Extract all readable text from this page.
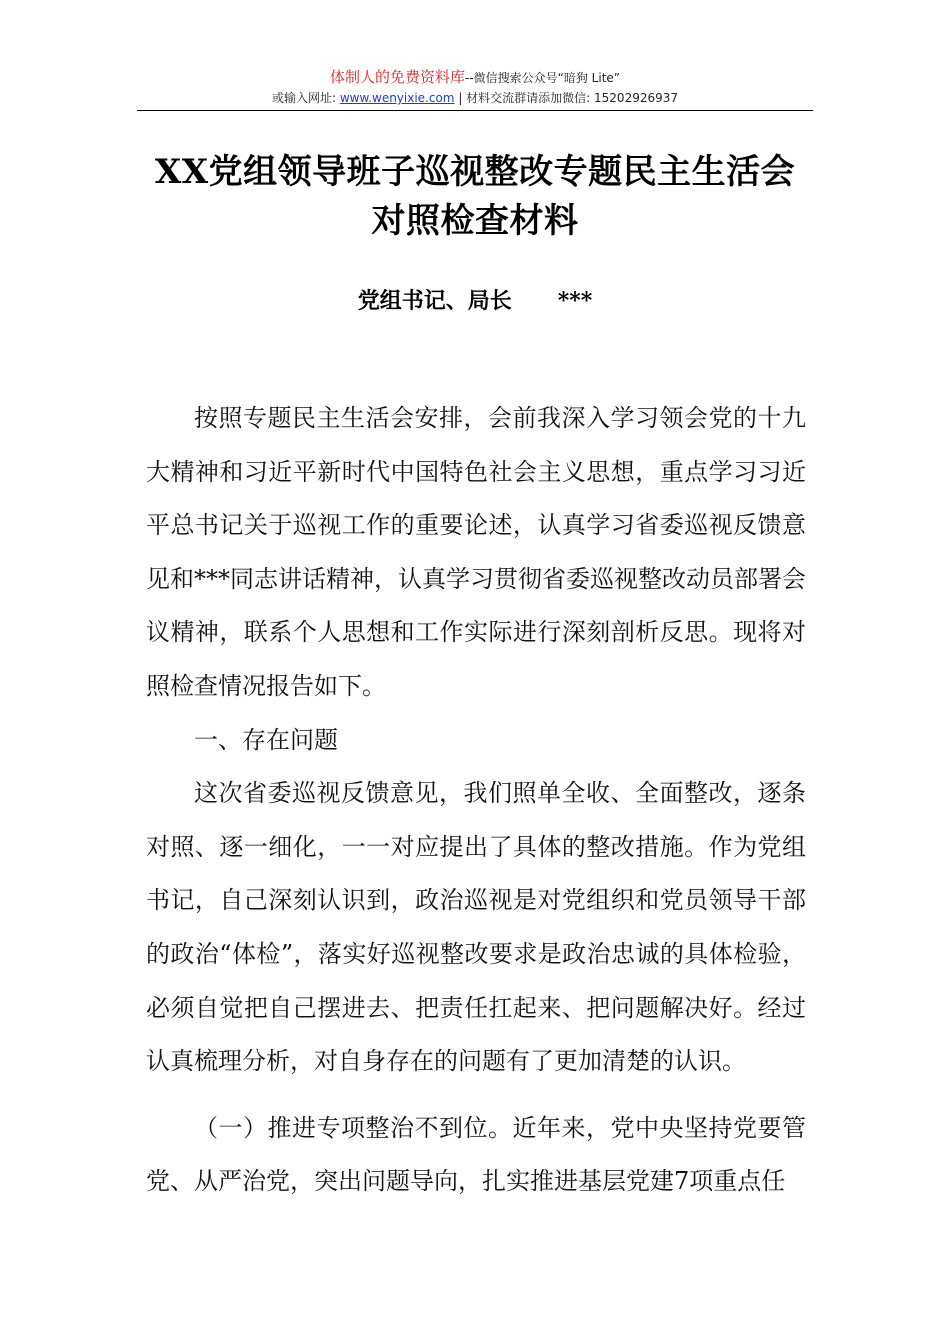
体制人的免费资料库--微信搜索公众号“暗狗 Lite”
或输入网址: www.wenyixie.com | 材料交流群请添加微信: 15202926937
XX党组领导班子巡视整改专题民主生活会
对照检查材料
党组书记、局长      ***

按照专题民主生活会安排，会前我深入学习领会党的十九大精神和习近平新时代中国特色社会主义思想，重点学习习近平总书记关于巡视工作的重要论述，认真学习省委巡视反馈意见和***同志讲话精神，认真学习贯彻省委巡视整改动员部署会议精神，联系个人思想和工作实际进行深刻剖析反思。现将对照检查情况报告如下。

一、存在问题

这次省委巡视反馈意见，我们照单全收、全面整改，逐条对照、逐一细化，一一对应提出了具体的整改措施。作为党组书记，自己深刻认识到，政治巡视是对党组织和党员领导干部的政治“体检”，落实好巡视整改要求是政治忠诚的具体检验，必须自觉把自己摆进去、把责任扛起来、把问题解决好。经过认真梳理分析，对自身存在的问题有了更加清楚的认识。

（一）推进专项整治不到位。近年来，党中央坚持党要管党、从严治党，突出问题导向，扎实推进基层党建7项重点任
